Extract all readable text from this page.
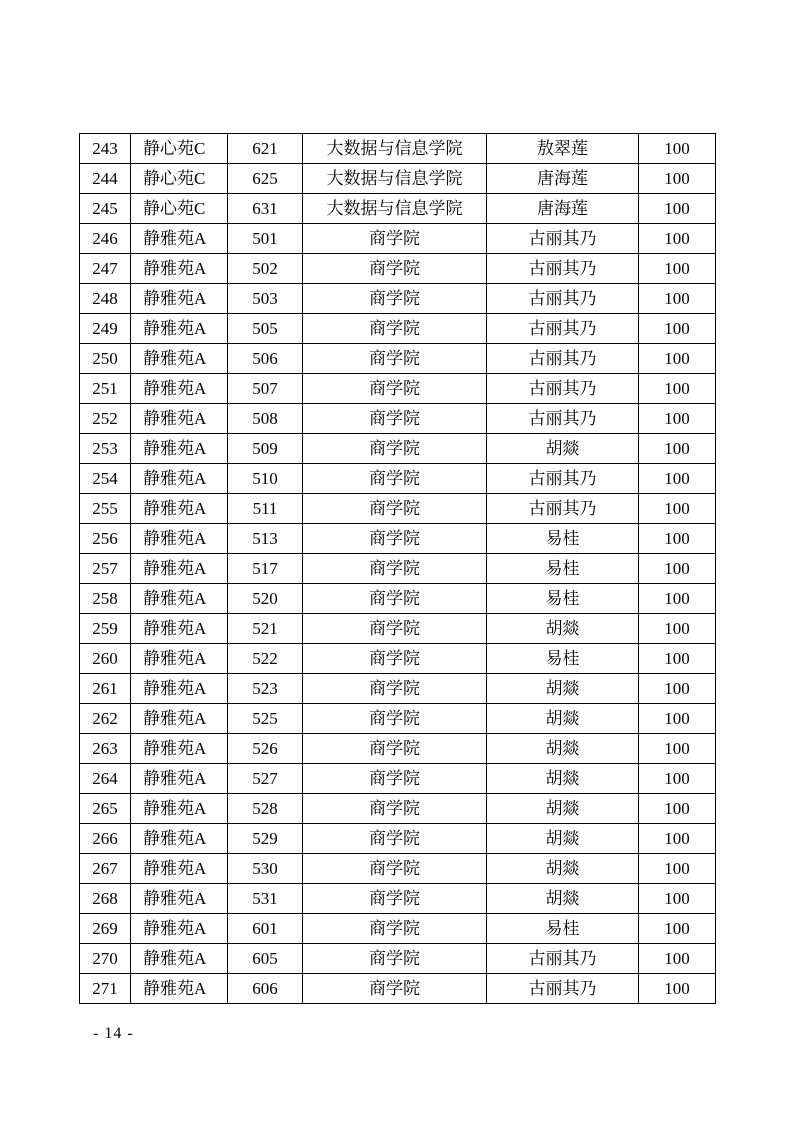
243	静心苑C	621	大数据与信息学院	敖翠莲	100
244	静心苑C	625	大数据与信息学院	唐海莲	100
245	静心苑C	631	大数据与信息学院	唐海莲	100
246	静雅苑A	501	商学院	古丽其乃	100
247	静雅苑A	502	商学院	古丽其乃	100
248	静雅苑A	503	商学院	古丽其乃	100
249	静雅苑A	505	商学院	古丽其乃	100
250	静雅苑A	506	商学院	古丽其乃	100
251	静雅苑A	507	商学院	古丽其乃	100
252	静雅苑A	508	商学院	古丽其乃	100
253	静雅苑A	509	商学院	胡燚	100
254	静雅苑A	510	商学院	古丽其乃	100
255	静雅苑A	511	商学院	古丽其乃	100
256	静雅苑A	513	商学院	易桂	100
257	静雅苑A	517	商学院	易桂	100
258	静雅苑A	520	商学院	易桂	100
259	静雅苑A	521	商学院	胡燚	100
260	静雅苑A	522	商学院	易桂	100
261	静雅苑A	523	商学院	胡燚	100
262	静雅苑A	525	商学院	胡燚	100
263	静雅苑A	526	商学院	胡燚	100
264	静雅苑A	527	商学院	胡燚	100
265	静雅苑A	528	商学院	胡燚	100
266	静雅苑A	529	商学院	胡燚	100
267	静雅苑A	530	商学院	胡燚	100
268	静雅苑A	531	商学院	胡燚	100
269	静雅苑A	601	商学院	易桂	100
270	静雅苑A	605	商学院	古丽其乃	100
271	静雅苑A	606	商学院	古丽其乃	100
- 14 -
